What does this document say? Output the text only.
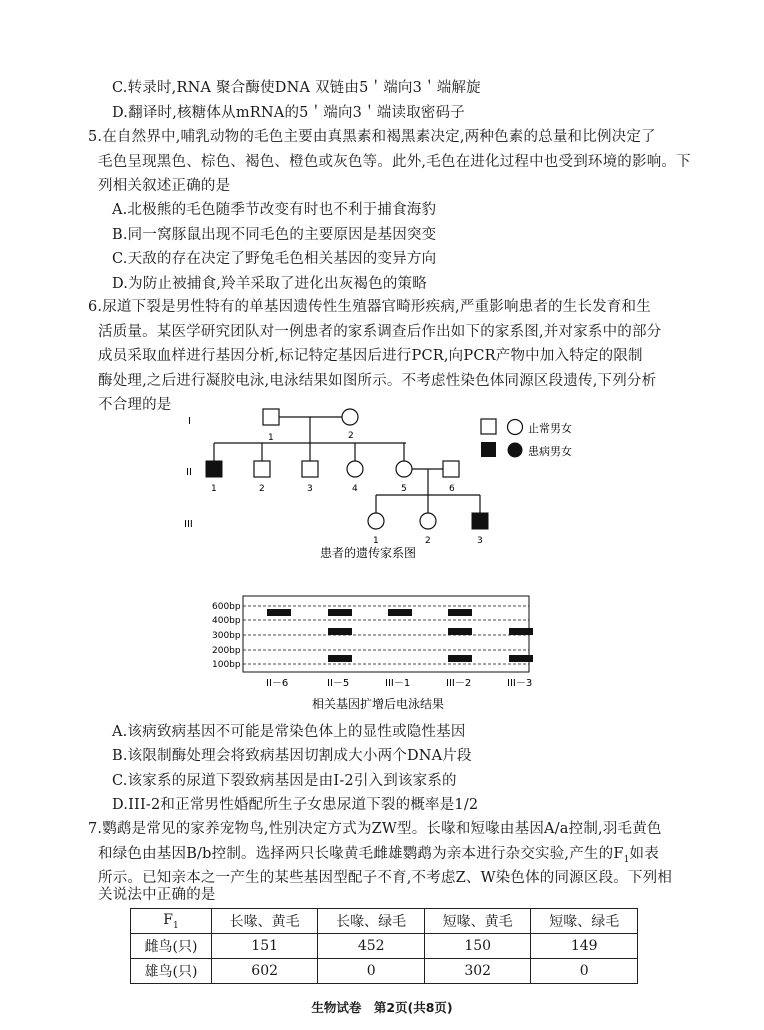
C.转录时,RNA 聚合酶使DNA 双链由5＇端向3＇端解旋
D.翻译时,核糖体从mRNA的5＇端向3＇端读取密码子
5.在自然界中,哺乳动物的毛色主要由真黑素和褐黑素决定,两种色素的总量和比例决定了
毛色呈现黑色、棕色、褐色、橙色或灰色等。此外,毛色在进化过程中也受到环境的影响。下
列相关叙述正确的是
A.北极熊的毛色随季节改变有时也不利于捕食海豹
B.同一窝豚鼠出现不同毛色的主要原因是基因突变
C.天敌的存在决定了野兔毛色相关基因的变异方向
D.为防止被捕食,羚羊采取了进化出灰褐色的策略
6.尿道下裂是男性特有的单基因遗传性生殖器官畸形疾病,严重影响患者的生长发育和生
活质量。某医学研究团队对一例患者的家系调查后作出如下的家系图,并对家系中的部分
成员采取血样进行基因分析,标记特定基因后进行PCR,向PCR产物中加入特定的限制
酶处理,之后进行凝胶电泳,电泳结果如图所示。不考虑性染色体同源区段遗传,下列分析
不合理的是
I
II
III
1	2
1	2	3	4	5	6
1	2	3
止常男女
患病男女
患者的遗传家系图
600bp
400bp
300bp
200bp
100bp
II－6	II－5	III－1	III－2	III－3
相关基因扩增后电泳结果
A.该病致病基因不可能是常染色体上的显性或隐性基因
B.该限制酶处理会将致病基因切割成大小两个DNA片段
C.该家系的尿道下裂致病基因是由I-2引入到该家系的
D.III-2和正常男性婚配所生子女患尿道下裂的概率是1/2
7.鹦鹉是常见的家养宠物鸟,性别决定方式为ZW型。长喙和短喙由基因A/a控制,羽毛黄色
和绿色由基因B/b控制。选择两只长喙黄毛雌雄鹦鹉为亲本进行杂交实验,产生的$F_1$如表
所示。已知亲本之一产生的某些基因型配子不育,不考虑Z、W染色体的同源区段。下列相
关说法中正确的是
$F_1$	长喙、黄毛	长喙、绿毛	短喙、黄毛	短喙、绿毛
雌鸟(只)	151	452	150	149
雄鸟(只)	602	0	302	0
生物试卷　第2页(共8页)
